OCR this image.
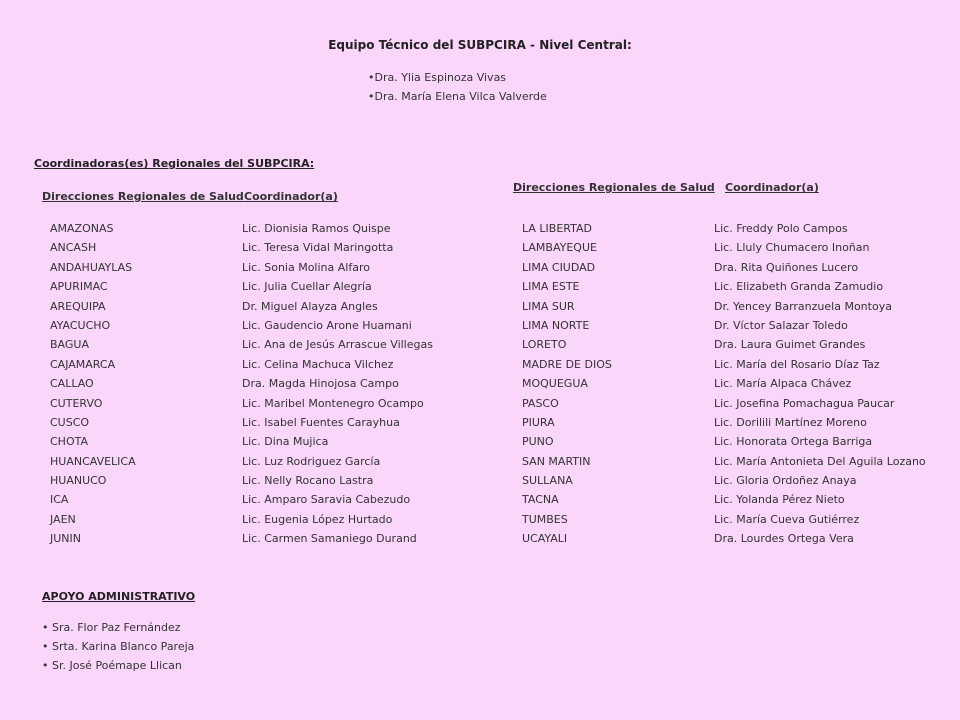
Equipo Técnico del SUBPCIRA - Nivel Central:
•Dra. Ylia Espinoza Vivas
•Dra. María Elena Vilca Valverde
Coordinadoras(es) Regionales del SUBPCIRA:
Direcciones Regionales de Salud Coordinador(a)
Direcciones Regionales de Salud Coordinador(a)
AMAZONAS	Lic. Dionisia Ramos Quispe
ANCASH	Lic. Teresa Vidal Maringotta
ANDAHUAYLAS	Lic. Sonia Molina Alfaro
APURIMAC	Lic. Julia Cuellar Alegría
AREQUIPA	Dr. Miguel Alayza Angles
AYACUCHO	Lic. Gaudencio Arone Huamani
BAGUA	Lic. Ana de Jesús Arrascue Villegas
CAJAMARCA	Lic. Celina Machuca Vilchez
CALLAO	Dra. Magda Hinojosa Campo
CUTERVO	Lic. Maribel Montenegro Ocampo
CUSCO	Lic. Isabel Fuentes Carayhua
CHOTA	Lic. Dina Mujica
HUANCAVELICA	Lic. Luz Rodriguez García
HUANUCO	Lic. Nelly Rocano Lastra
ICA	Lic. Amparo Saravia Cabezudo
JAEN	Lic. Eugenia López Hurtado
JUNIN	Lic. Carmen Samaniego Durand
LA LIBERTAD	Lic. Freddy Polo Campos
LAMBAYEQUE	Lic. Lluly Chumacero Inoñan
LIMA CIUDAD	Dra. Rita Quiñones Lucero
LIMA ESTE	Lic. Elizabeth Granda Zamudio
LIMA SUR	Dr. Yencey Barranzuela Montoya
LIMA NORTE	Dr. Víctor Salazar Toledo
LORETO	Dra. Laura Guimet Grandes
MADRE DE DIOS	Lic. María del Rosario Díaz Taz
MOQUEGUA	Lic. María Alpaca Chávez
PASCO	Lic. Josefina Pomachagua Paucar
PIURA	Lic. Dorilili Martínez Moreno
PUNO	Lic. Honorata Ortega Barriga
SAN MARTIN	Lic. María Antonieta Del Aguila Lozano
SULLANA	Lic. Gloria Ordoñez Anaya
TACNA	Lic. Yolanda Pérez Nieto
TUMBES	Lic. María Cueva Gutiérrez
UCAYALI	Dra. Lourdes Ortega Vera
APOYO ADMINISTRATIVO
• Sra. Flor Paz Fernández
• Srta. Karina Blanco Pareja
• Sr. José Poémape Llican
